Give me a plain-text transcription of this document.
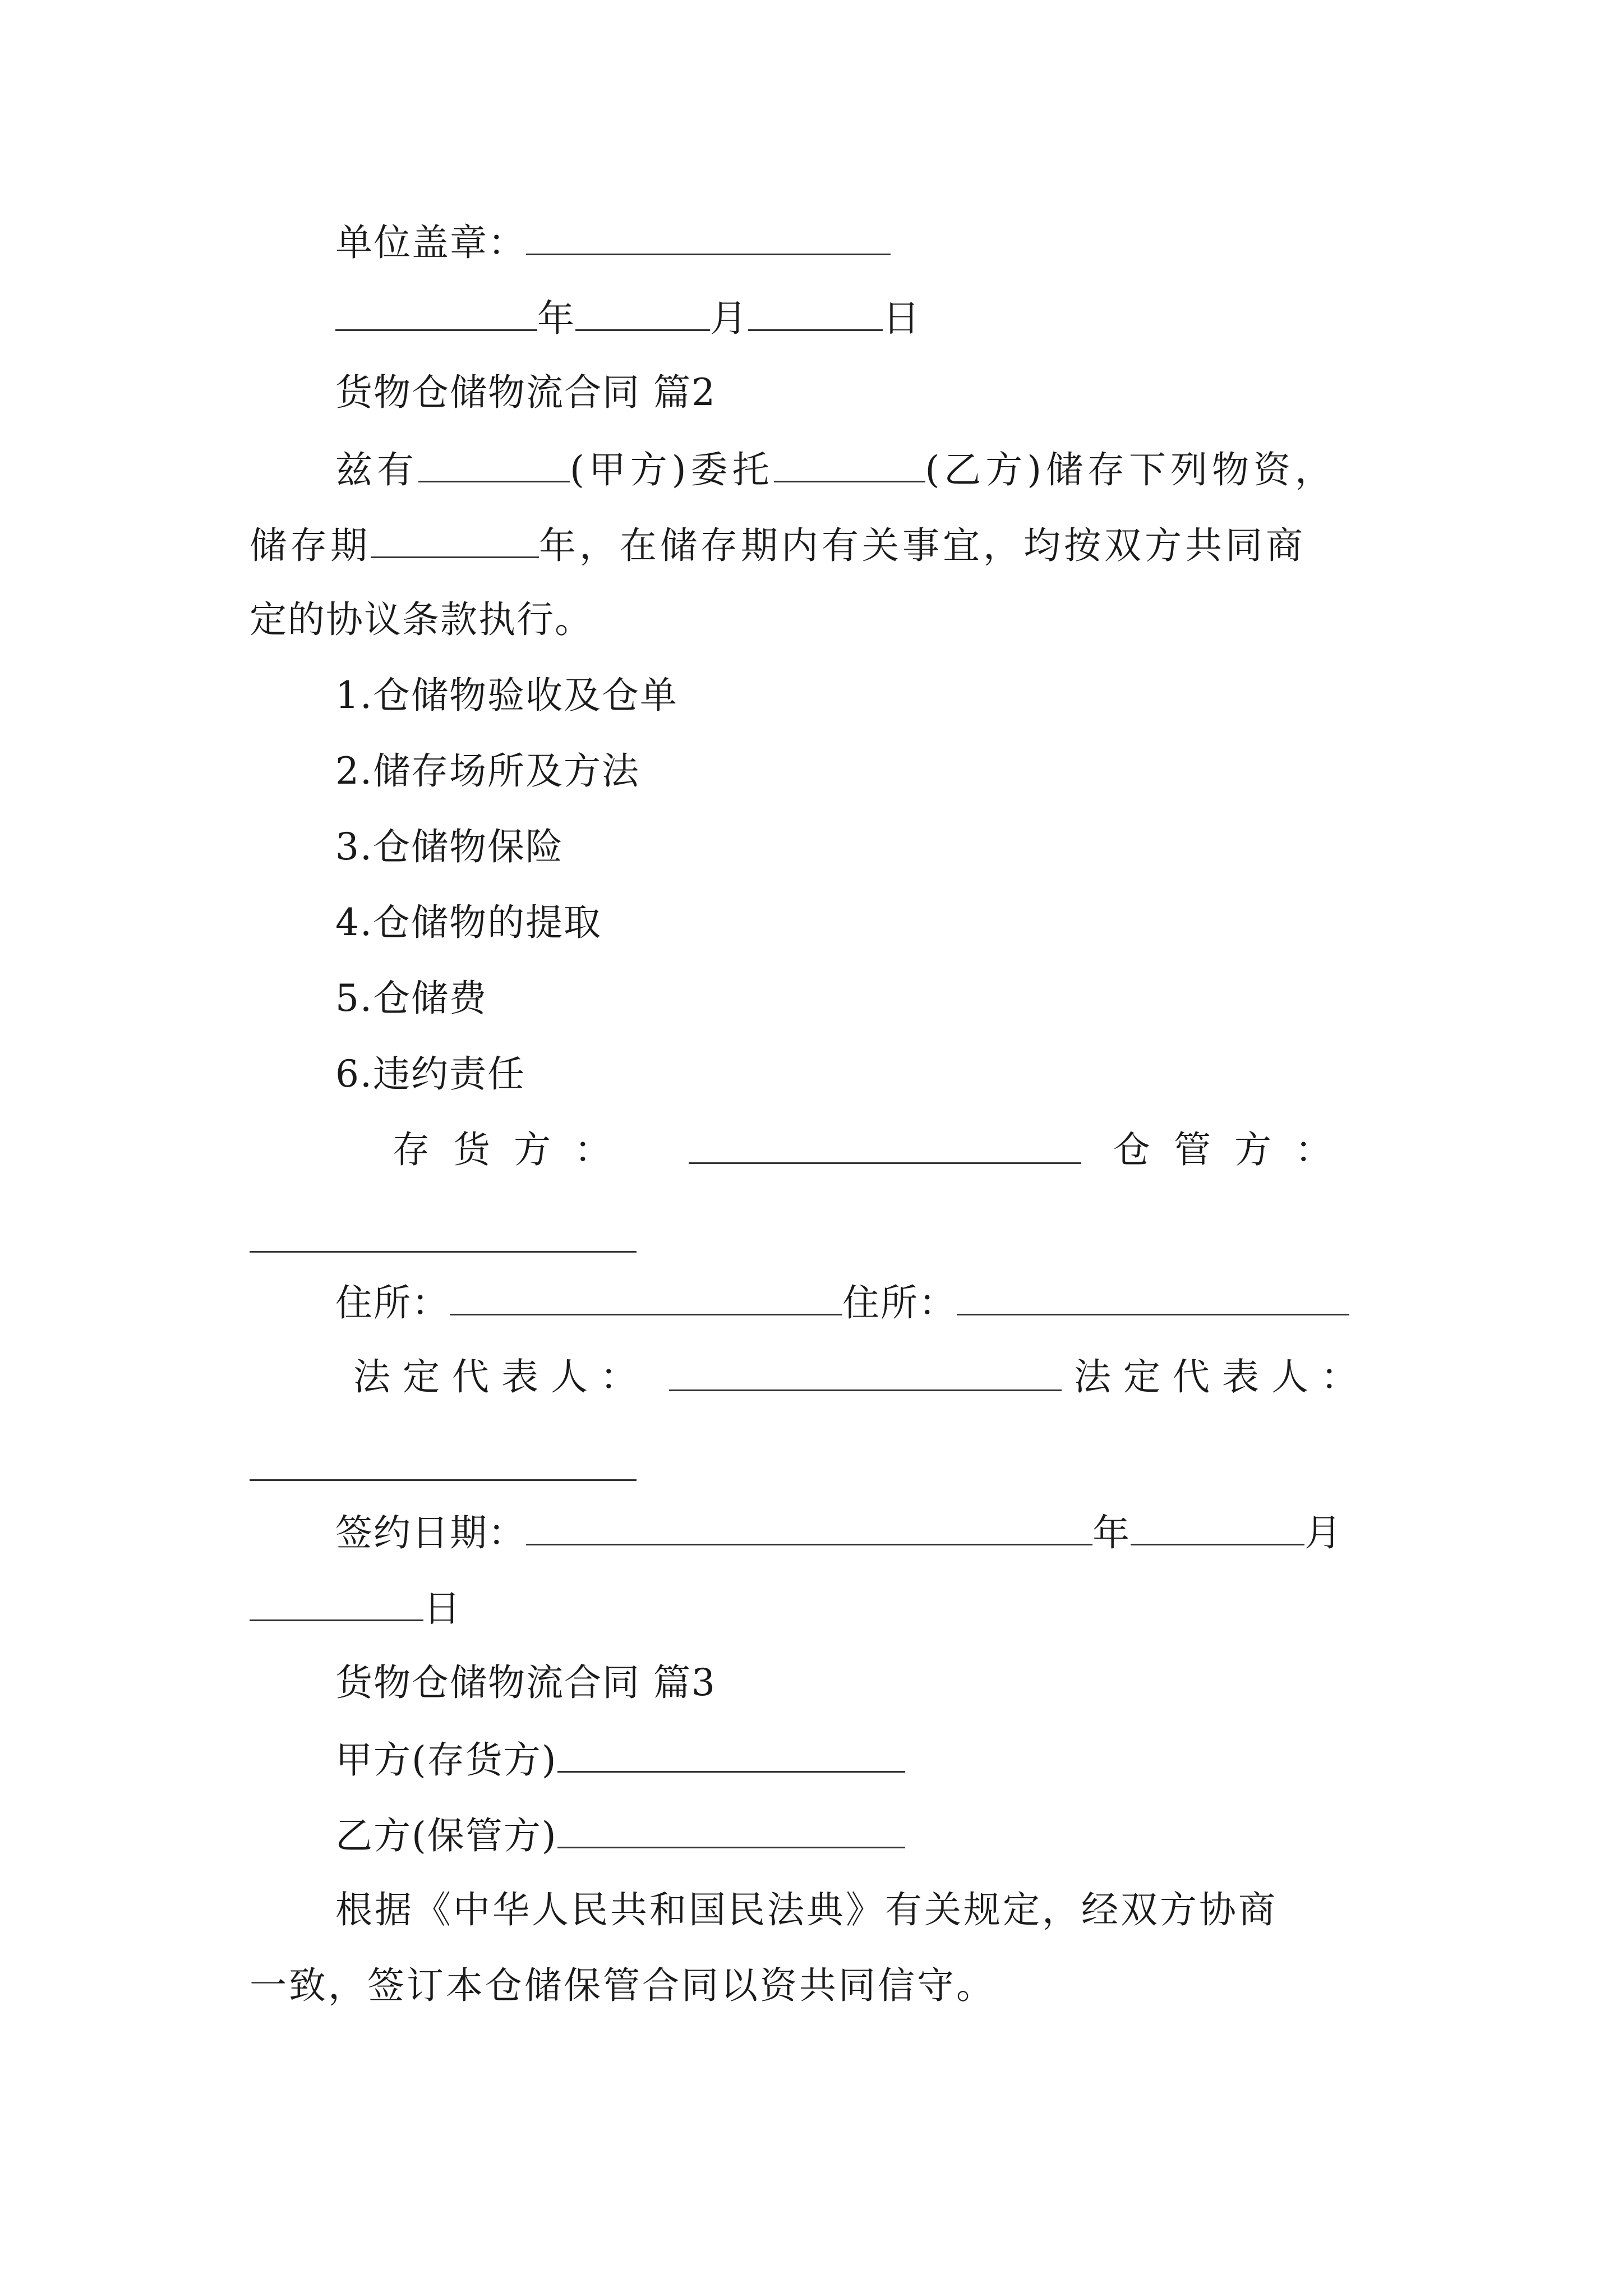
单位盖章：
年	月	日
货物仓储物流合同 篇2
兹有	(甲方)委托	(乙方)储存下列物资，
储存期	年，在储存期内有关事宜，均按双方共同商
定的协议条款执行。
1.仓储物验收及仓单
2.储存场所及方法
3.仓储物保险
4.仓储物的提取
5.仓储费
6.违约责任
存货方：	仓管方：
住所：	住所：
法定代表人：	法定代表人：
签约日期：	年	月
日
货物仓储物流合同 篇3
甲方(存货方)
乙方(保管方)
根据《中华人民共和国民法典》有关规定，经双方协商
一致，签订本仓储保管合同以资共同信守。
